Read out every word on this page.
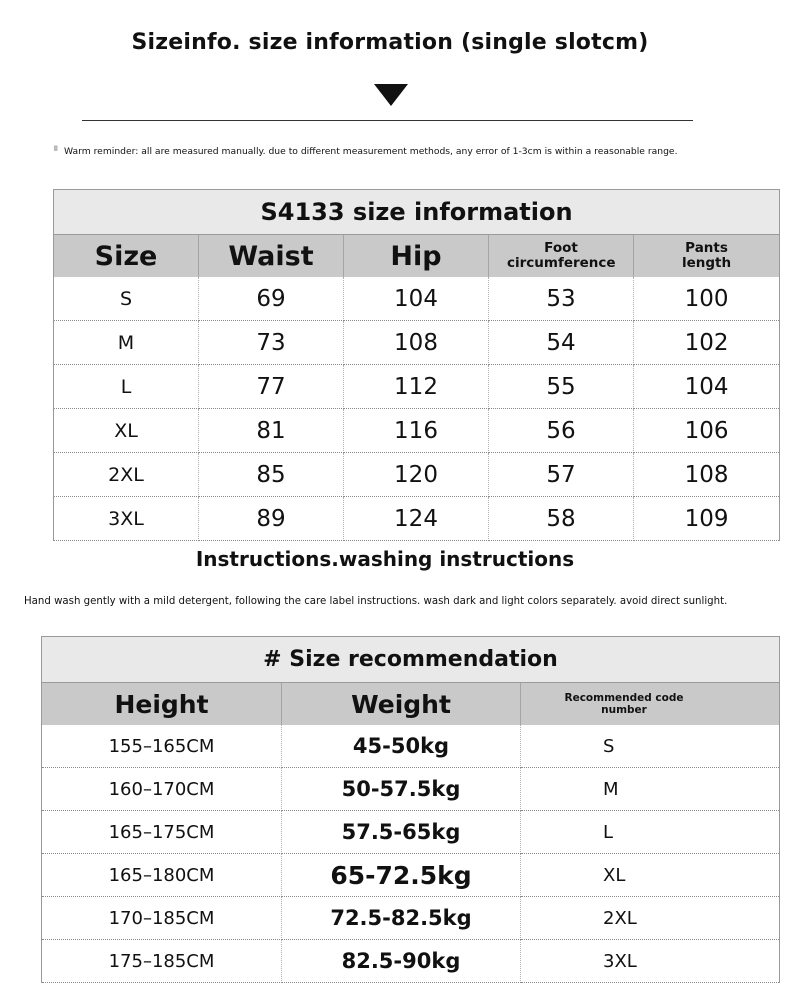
Sizeinfo. size information (single slotcm)
▘ Warm reminder: all are measured manually. due to different measurement methods, any error of 1-3cm is within a reasonable range.
S4133 size information				
Size	Waist	Hip	Foot circumference	Pants length

S	69	104	53	100
M	73	108	54	102
L	77	112	55	104
XL	81	116	56	106
2XL	85	120	57	108
3XL	89	124	58	109
Instructions.washing instructions
Hand wash gently with a mild detergent, following the care label instructions. wash dark and light colors separately. avoid direct sunlight.
# Size recommendation		
Height	Weight	Recommended code number

155–165CM	45-50kg	S
160–170CM	50-57.5kg	M
165–175CM	57.5-65kg	L
165–180CM	65-72.5kg	XL
170–185CM	72.5-82.5kg	2XL
175–185CM	82.5-90kg	3XL
